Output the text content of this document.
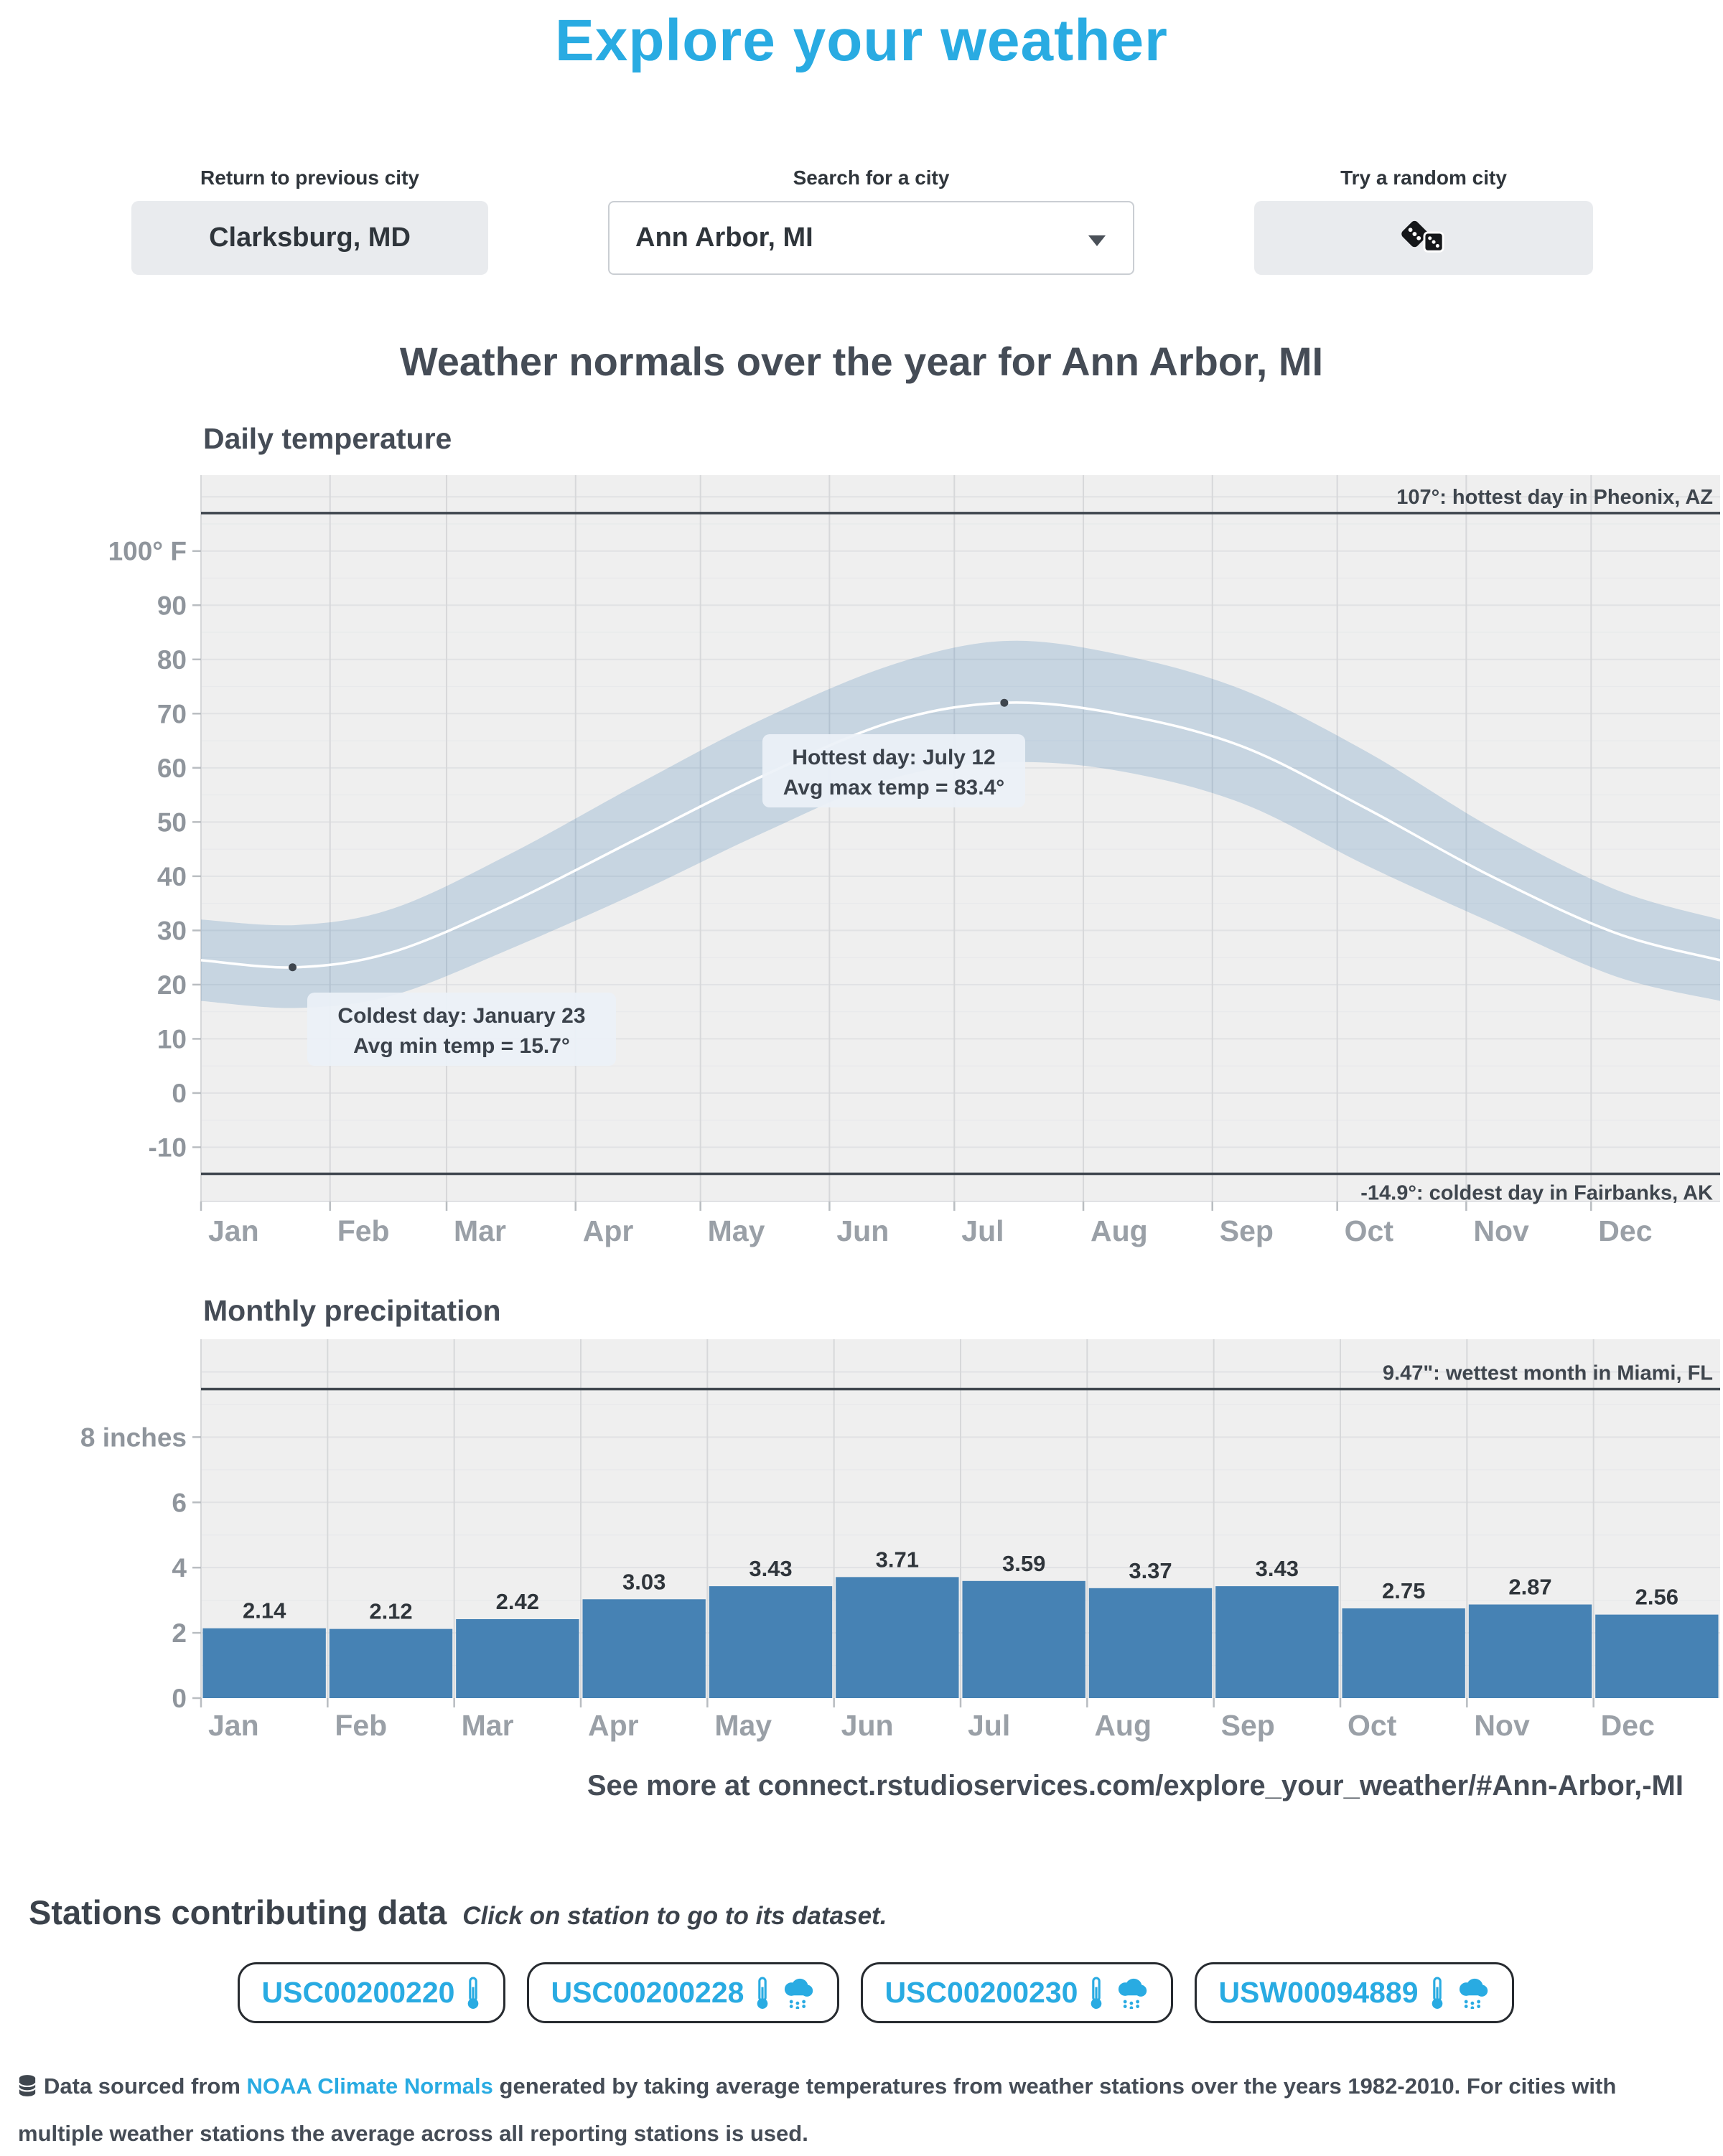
Explore your weather
Return to previous city
Clarksburg, MD
Search for a city
Ann Arbor, MI
Try a random city
Weather normals over the year for Ann Arbor, MI
Daily temperature
107°: hottest day in Pheonix, AZ
-14.9°: coldest day in Fairbanks, AK
Hottest day: July 12
Avg max temp = 83.4°
Coldest day: January 23
Avg min temp = 15.7°
100° F
90
80
70
60
50
40
30
20
10
0
-10
Jan	Feb Mar	Apr	May Jun Jul	Aug Sep Oct	Nov Dec
Monthly precipitation
2.14	2.12	2.42
3.03
3.43	3.71	3.59	3.37	3.43
2.75	2.87	2.56
9.47": wettest month in Miami, FL
8 inches
6
4
2
0
Jan	Feb	Mar	Apr	May Jun	Jul	Aug Sep Oct	Nov Dec
See more at connect.rstudioservices.com/explore_your_weather/#Ann-Arbor,-MI
Stations contributing data Click on station to go to its dataset.
USC00200220	USC00200228	USC00200230	USW00094889
Data sourced from NOAA Climate Normals generated by taking average temperatures from weather stations over the years 1982-2010. For cities with multiple weather stations the average across all reporting stations is used.
